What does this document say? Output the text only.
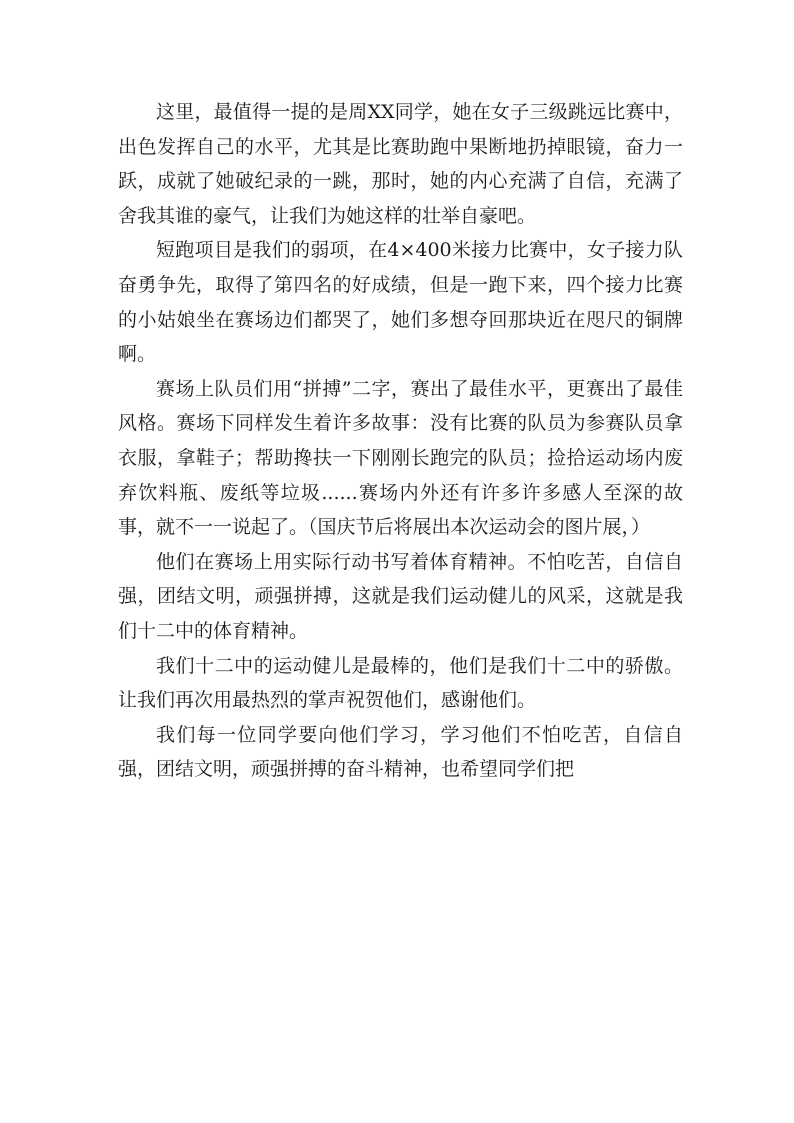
这里，最值得一提的是周XX同学，她在女子三级跳远比赛中，出色发挥自己的水平，尤其是比赛助跑中果断地扔掉眼镜，奋力一跃，成就了她破纪录的一跳，那时，她的内心充满了自信，充满了舍我其谁的豪气，让我们为她这样的壮举自豪吧。

短跑项目是我们的弱项，在4×400米接力比赛中，女子接力队奋勇争先，取得了第四名的好成绩，但是一跑下来，四个接力比赛的小姑娘坐在赛场边们都哭了，她们多想夺回那块近在咫尺的铜牌啊。

赛场上队员们用“拼搏”二字，赛出了最佳水平，更赛出了最佳风格。赛场下同样发生着许多故事：没有比赛的队员为参赛队员拿衣服，拿鞋子；帮助搀扶一下刚刚长跑完的队员；捡拾运动场内废弃饮料瓶、废纸等垃圾......赛场内外还有许多许多感人至深的故事，就不一一说起了。（国庆节后将展出本次运动会的图片展，）

他们在赛场上用实际行动书写着体育精神。不怕吃苦，自信自强，团结文明，顽强拼搏，这就是我们运动健儿的风采，这就是我们十二中的体育精神。

我们十二中的运动健儿是最棒的，他们是我们十二中的骄傲。让我们再次用最热烈的掌声祝贺他们，感谢他们。

我们每一位同学要向他们学习，学习他们不怕吃苦，自信自强，团结文明，顽强拼搏的奋斗精神，也希望同学们把
